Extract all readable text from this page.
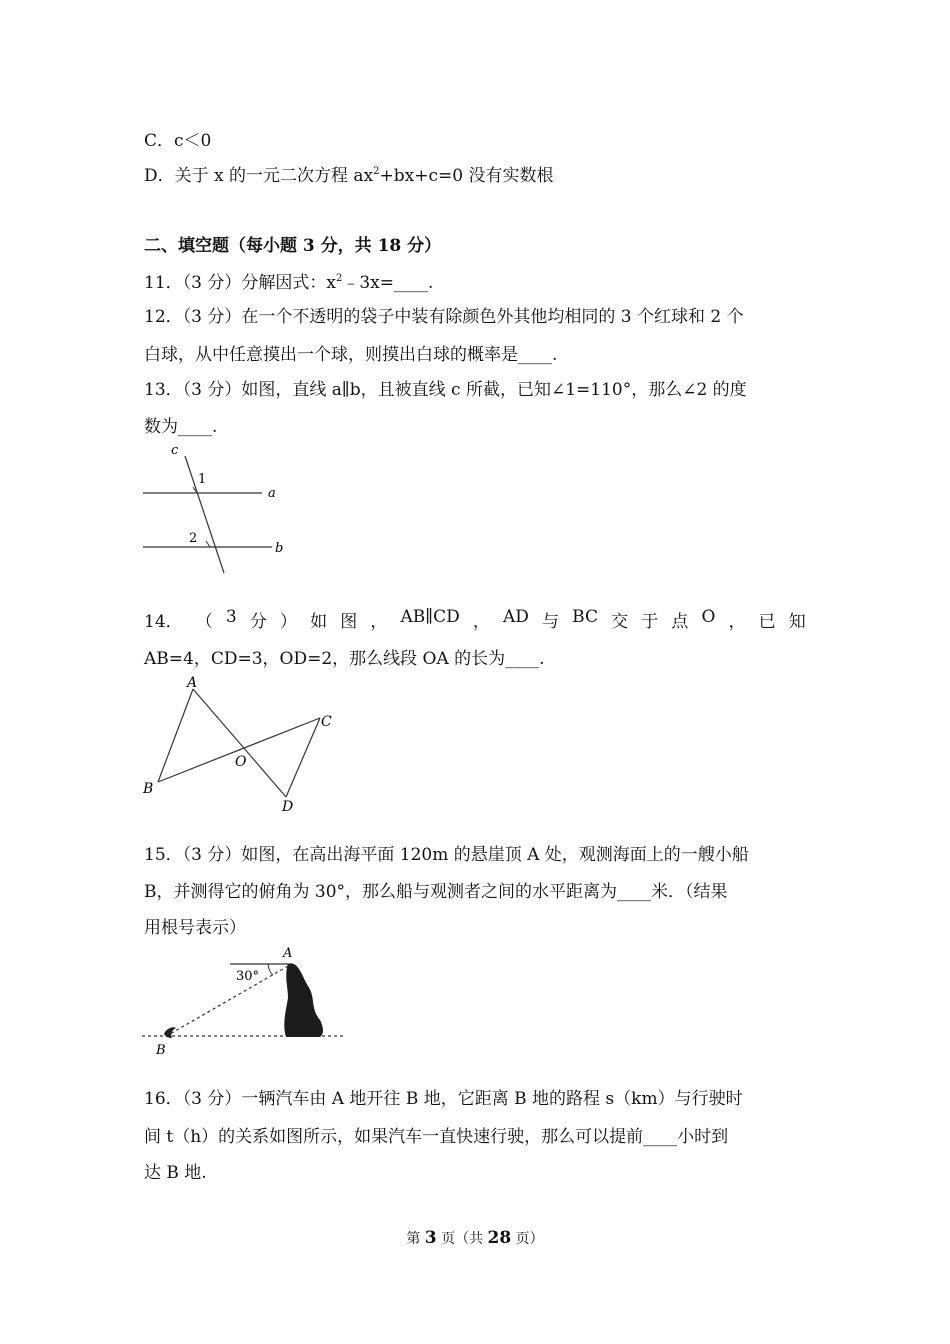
C．c＜0
D．关于 x 的一元二次方程 $ax^2+bx+c=0$ 没有实数根
二、填空题（每小题 3 分，共 18 分）
11．（3 分）分解因式：$x^2﹣3x=\_\_\_\_$.
12．（3 分）在一个不透明的袋子中装有除颜色外其他均相同的 3 个红球和 2 个
白球，从中任意摸出一个球，则摸出白球的概率是____.
13．（3 分）如图，直线 a∥b，且被直线 c 所截，已知∠1=110°，那么∠2 的度
数为____.
c
1
a
2
b
14． （ 3 分 ） 如 图 ， AB∥CD ， AD 与 BC 交 于 点 O ， 已 知
AB=4，CD=3，OD=2，那么线段 OA 的长为____.
A
B
C
D
O
15．（3 分）如图，在高出海平面 120m 的悬崖顶 A 处，观测海面上的一艘小船
B，并测得它的俯角为 30°，那么船与观测者之间的水平距离为____米．（结果
用根号表示）
A
30°
B
16．（3 分）一辆汽车由 A 地开往 B 地，它距离 B 地的路程 s（km）与行驶时
间 t（h）的关系如图所示，如果汽车一直快速行驶，那么可以提前____小时到
达 B 地.
第 3 页（共 28 页）
